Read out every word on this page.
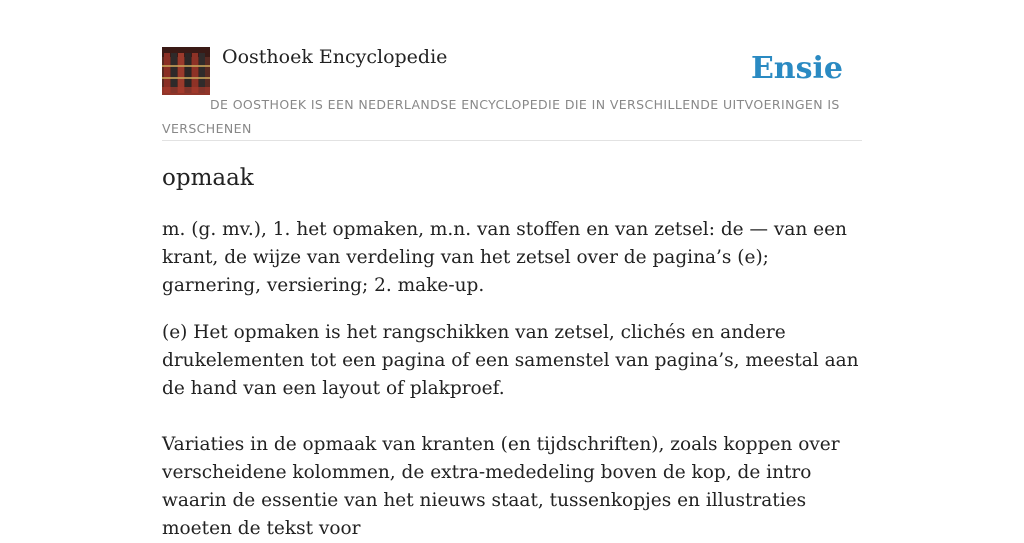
Oosthoek Encyclopedie	Ensie
DE OOSTHOEK IS EEN NEDERLANDSE ENCYCLOPEDIE DIE IN VERSCHILLENDE UITVOERINGEN IS VERSCHENEN
opmaak

m. (g. mv.), 1. het opmaken, m.n. van stoffen en van zetsel: de — van een krant, de wijze van verdeling van het zetsel over de pagina’s (e); garnering, versiering; 2. make-up.

(e) Het opmaken is het rangschikken van zetsel, clichés en andere drukelementen tot een pagina of een samenstel van pagina’s, meestal aan de hand van een layout of plakproef.

Variaties in de opmaak van kranten (en tijdschriften), zoals koppen over verscheidene kolommen, de extra-mededeling boven de kop, de intro waarin de essentie van het nieuws staat, tussenkopjes en illustraties moeten de tekst voor
